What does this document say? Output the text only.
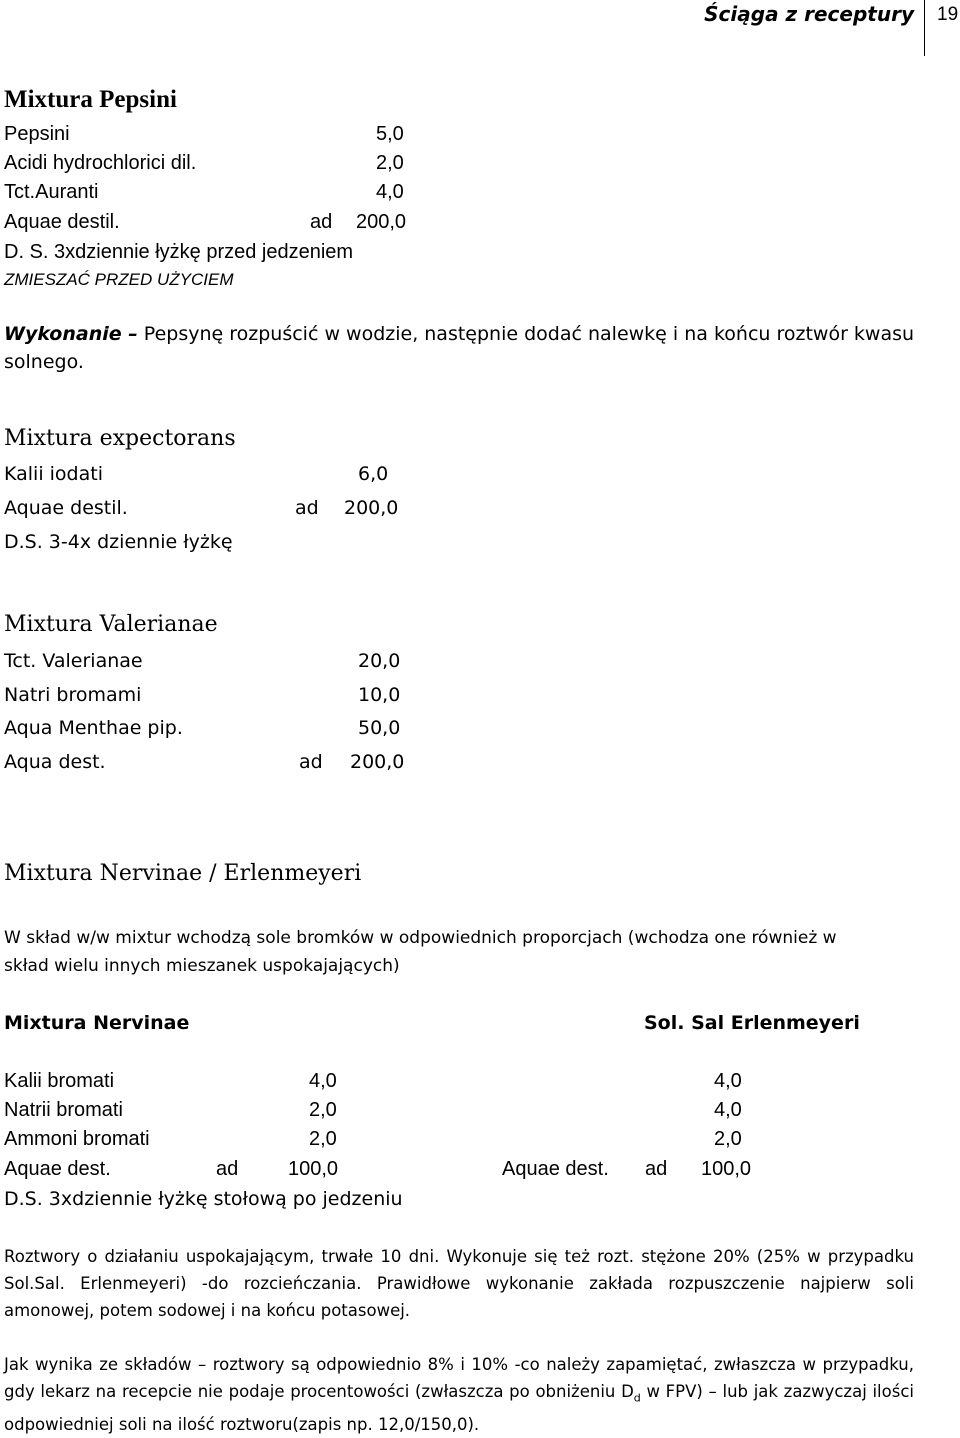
Ściąga z receptury 19
Mixtura Pepsini
Pepsini	5,0
Acidi hydrochlorici dil.	2,0
Tct.Auranti	4,0
Aquae destil.	ad 200,0
D. S. 3xdziennie łyżkę przed jedzeniem
ZMIESZAĆ PRZED UŻYCIEM
Wykonanie – Pepsynę rozpuścić w wodzie, następnie dodać nalewkę i na końcu roztwór kwasu
solnego.
Mixtura expectorans
Kalii iodati	6,0
Aquae destil.	ad 200,0
D.S. 3-4x dziennie łyżkę
Mixtura Valerianae
Tct. Valerianae	20,0
Natri bromami	10,0
Aqua Menthae pip.	50,0
Aqua dest.	ad 200,0
Mixtura Nervinae / Erlenmeyeri
W skład w/w mixtur wchodzą sole bromków w odpowiednich proporcjach (wchodza one również w
skład wielu innych mieszanek uspokajających)
Mixtura Nervinae	Sol. Sal Erlenmeyeri
Kalii bromati	4,0	4,0
Natrii bromati	2,0	4,0
Ammoni bromati	2,0	2,0
Aquae dest.	ad 100,0	Aquae dest. ad 100,0
D.S. 3xdziennie łyżkę stołową po jedzeniu
Roztwory o działaniu uspokajającym, trwałe 10 dni. Wykonuje się też rozt. stężone 20% (25% w przypadku Sol.Sal. Erlenmeyeri) -do rozcieńczania. Prawidłowe wykonanie zakłada rozpuszczenie najpierw soli amonowej, potem sodowej i na końcu potasowej.
Jak wynika ze składów – roztwory są odpowiednio 8% i 10% -co należy zapamiętać, zwłaszcza w przypadku, gdy lekarz na recepcie nie podaje procentowości (zwłaszcza po obniżeniu $D_d$ w FPV) – lub jak zazwyczaj ilości odpowiedniej soli na ilość roztworu(zapis np. 12,0/150,0).
